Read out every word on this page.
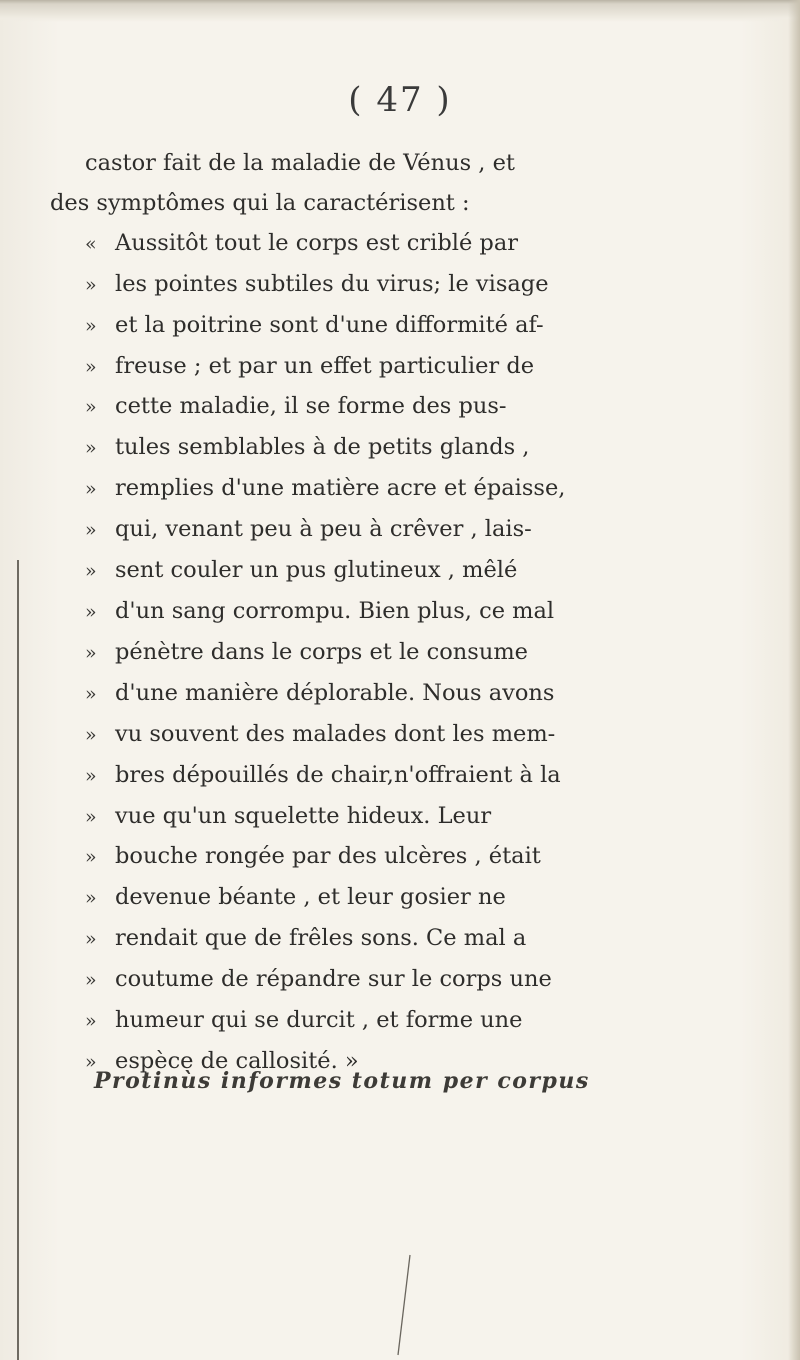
( 47 )
castor fait de la maladie de Vénus , et
des symptômes qui la caractérisent :
« Aussitôt tout le corps est criblé par
» les pointes subtiles du virus; le visage
» et la poitrine sont d'une difformité af-
» freuse ; et par un effet particulier de
» cette maladie, il se forme des pus-
» tules semblables à de petits glands ,
» remplies d'une matière acre et épaisse,
» qui, venant peu à peu à crêver , lais-
» sent couler un pus glutineux , mêlé
» d'un sang corrompu. Bien plus, ce mal
» pénètre dans le corps et le consume
» d'une manière déplorable. Nous avons
» vu souvent des malades dont les mem-
» bres dépouillés de chair,n'offraient à la
» vue qu'un squelette hideux. Leur
» bouche rongée par des ulcères , était
» devenue béante , et leur gosier ne
» rendait que de frêles sons. Ce mal a
» coutume de répandre sur le corps une
» humeur qui se durcit , et forme une
» espèce de callosité. »
Protinùs informes totum per corpus
